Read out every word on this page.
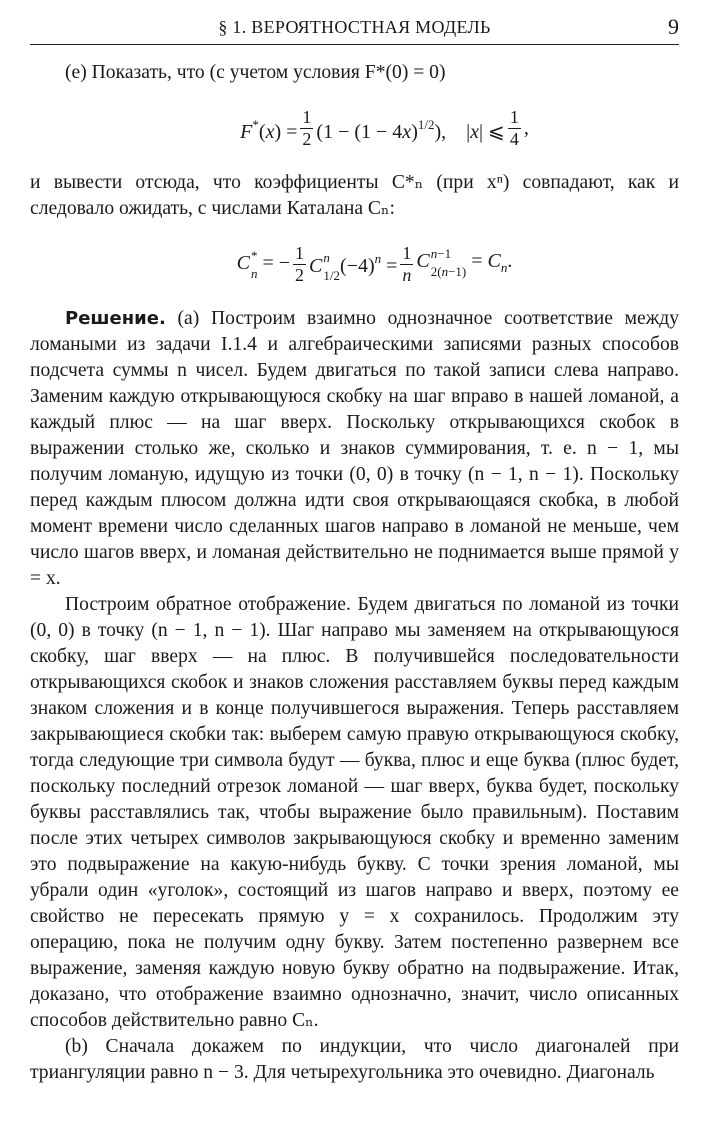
§ 1. ВЕРОЯТНОСТНАЯ МОДЕЛЬ	9

(e) Показать, что (с учетом условия F*(0) = 0)

$F^*(x) = \frac{1}{2} (1 - (1 - 4x)^{1/2})$,    |x| ⩽ $\frac{1}{4}$ ,

и вывести отсюда, что коэффициенты C*ₙ (при xⁿ) совпадают, как и следовало ожидать, с числами Каталана Cₙ:

C *
n = − $\frac{1}{2}$ C n
1/2 $(-4)^n = \frac{1}{n}$ C n−1
$2(n-1) = C_n$.

Решение. (a) Построим взаимно однозначное соответствие между ломаными из задачи I.1.4 и алгебраическими записями разных способов подсчета суммы n чисел. Будем двигаться по такой записи слева направо. Заменим каждую открывающуюся скобку на шаг вправо в нашей ломаной, а каждый плюс — на шаг вверх. Поскольку открывающихся скобок в выражении столько же, сколько и знаков суммирования, т. е. n − 1, мы получим ломаную, идущую из точки (0, 0) в точку (n − 1, n − 1). Поскольку перед каждым плюсом должна идти своя открывающаяся скобка, в любой момент времени число сделанных шагов направо в ломаной не меньше, чем число шагов вверх, и ломаная действительно не поднимается выше прямой y = x.

Построим обратное отображение. Будем двигаться по ломаной из точки (0, 0) в точку (n − 1, n − 1). Шаг направо мы заменяем на открывающуюся скобку, шаг вверх — на плюс. В получившейся последовательности открывающихся скобок и знаков сложения расставляем буквы перед каждым знаком сложения и в конце получившегося выражения. Теперь расставляем закрывающиеся скобки так: выберем самую правую открывающуюся скобку, тогда следующие три символа будут — буква, плюс и еще буква (плюс будет, поскольку последний отрезок ломаной — шаг вверх, буква будет, поскольку буквы расставлялись так, чтобы выражение было правильным). Поставим после этих четырех символов закрывающуюся скобку и временно заменим это подвыражение на какую-нибудь букву. С точки зрения ломаной, мы убрали один «уголок», состоящий из шагов направо и вверх, поэтому ее свойство не пересекать прямую y = x сохранилось. Продолжим эту операцию, пока не получим одну букву. Затем постепенно развернем все выражение, заменяя каждую новую букву обратно на подвыражение. Итак, доказано, что отображение взаимно однозначно, значит, число описанных способов действительно равно Cₙ.

(b) Сначала докажем по индукции, что число диагоналей при триангуляции равно n − 3. Для четырехугольника это очевидно. Диагональ
